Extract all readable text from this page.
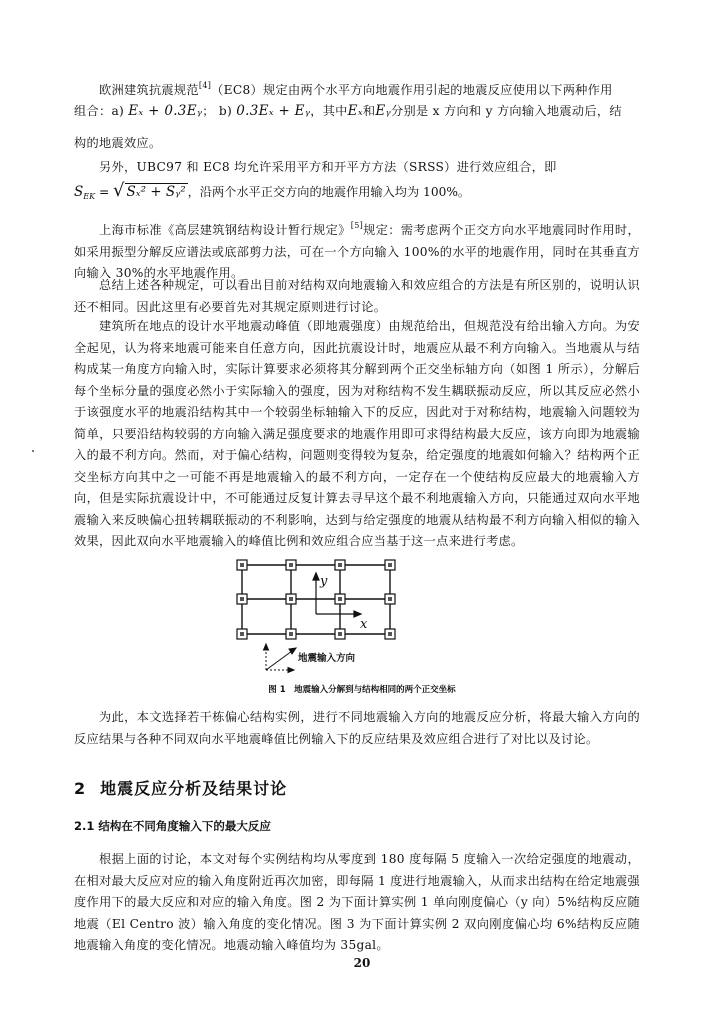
欧洲建筑抗震规范[4]（EC8）规定由两个水平方向地震作用引起的地震反应使用以下两种作用

组合：a) Eₓ + 0.3Eᵧ； b) 0.3Eₓ + Eᵧ，其中Eₓ和Eᵧ分别是 x 方向和 y 方向输入地震动后，结

构的地震效应。

另外，UBC97 和 EC8 均允许采用平方和开平方方法（SRSS）进行效应组合，即

$S_{EK}$ = √ Sₓ² + Sᵧ² ，沿两个水平正交方向的地震作用输入均为 100%。

上海市标准《高层建筑钢结构设计暂行规定》[5]规定：需考虑两个正交方向水平地震同时作用时，如采用振型分解反应谱法或底部剪力法，可在一个方向输入 100%的水平的地震作用，同时在其垂直方向输入 30%的水平地震作用。

总结上述各种规定，可以看出目前对结构双向地震输入和效应组合的方法是有所区别的，说明认识还不相同。因此这里有必要首先对其规定原则进行讨论。

建筑所在地点的设计水平地震动峰值（即地震强度）由规范给出，但规范没有给出输入方向。为安全起见，认为将来地震可能来自任意方向，因此抗震设计时，地震应从最不利方向输入。当地震从与结构成某一角度方向输入时，实际计算要求必须将其分解到两个正交坐标轴方向（如图 1 所示），分解后每个坐标分量的强度必然小于实际输入的强度，因为对称结构不发生耦联振动反应，所以其反应必然小于该强度水平的地震沿结构其中一个较弱坐标轴输入下的反应，因此对于对称结构，地震输入问题较为简单，只要沿结构较弱的方向输入满足强度要求的地震作用即可求得结构最大反应，该方向即为地震输入的最不利方向。然而，对于偏心结构，问题则变得较为复杂，给定强度的地震如何输入？结构两个正交坐标方向其中之一可能不再是地震输入的最不利方向，一定存在一个使结构反应最大的地震输入方向，但是实际抗震设计中，不可能通过反复计算去寻早这个最不利地震输入方向，只能通过双向水平地震输入来反映偏心扭转耦联振动的不利影响，达到与给定强度的地震从结构最不利方向输入相似的输入效果，因此双向水平地震输入的峰值比例和效应组合应当基于这一点来进行考虑。

y
x
地震输入方向
图 1　地震输入分解到与结构相同的两个正交坐标

为此，本文选择若干栋偏心结构实例，进行不同地震输入方向的地震反应分析，将最大输入方向的反应结果与各种不同双向水平地震峰值比例输入下的反应结果及效应组合进行了对比以及讨论。

2 地震反应分析及结果讨论
2.1 结构在不同角度输入下的最大反应

根据上面的讨论，本文对每个实例结构均从零度到 180 度每隔 5 度输入一次给定强度的地震动，在相对最大反应对应的输入角度附近再次加密，即每隔 1 度进行地震输入，从而求出结构在给定地震强度作用下的最大反应和对应的输入角度。图 2 为下面计算实例 1 单向刚度偏心（y 向）5%结构反应随地震（El Centro 波）输入角度的变化情况。图 3 为下面计算实例 2 双向刚度偏心均 6%结构反应随地震输入角度的变化情况。地震动输入峰值均为 35gal。

20
